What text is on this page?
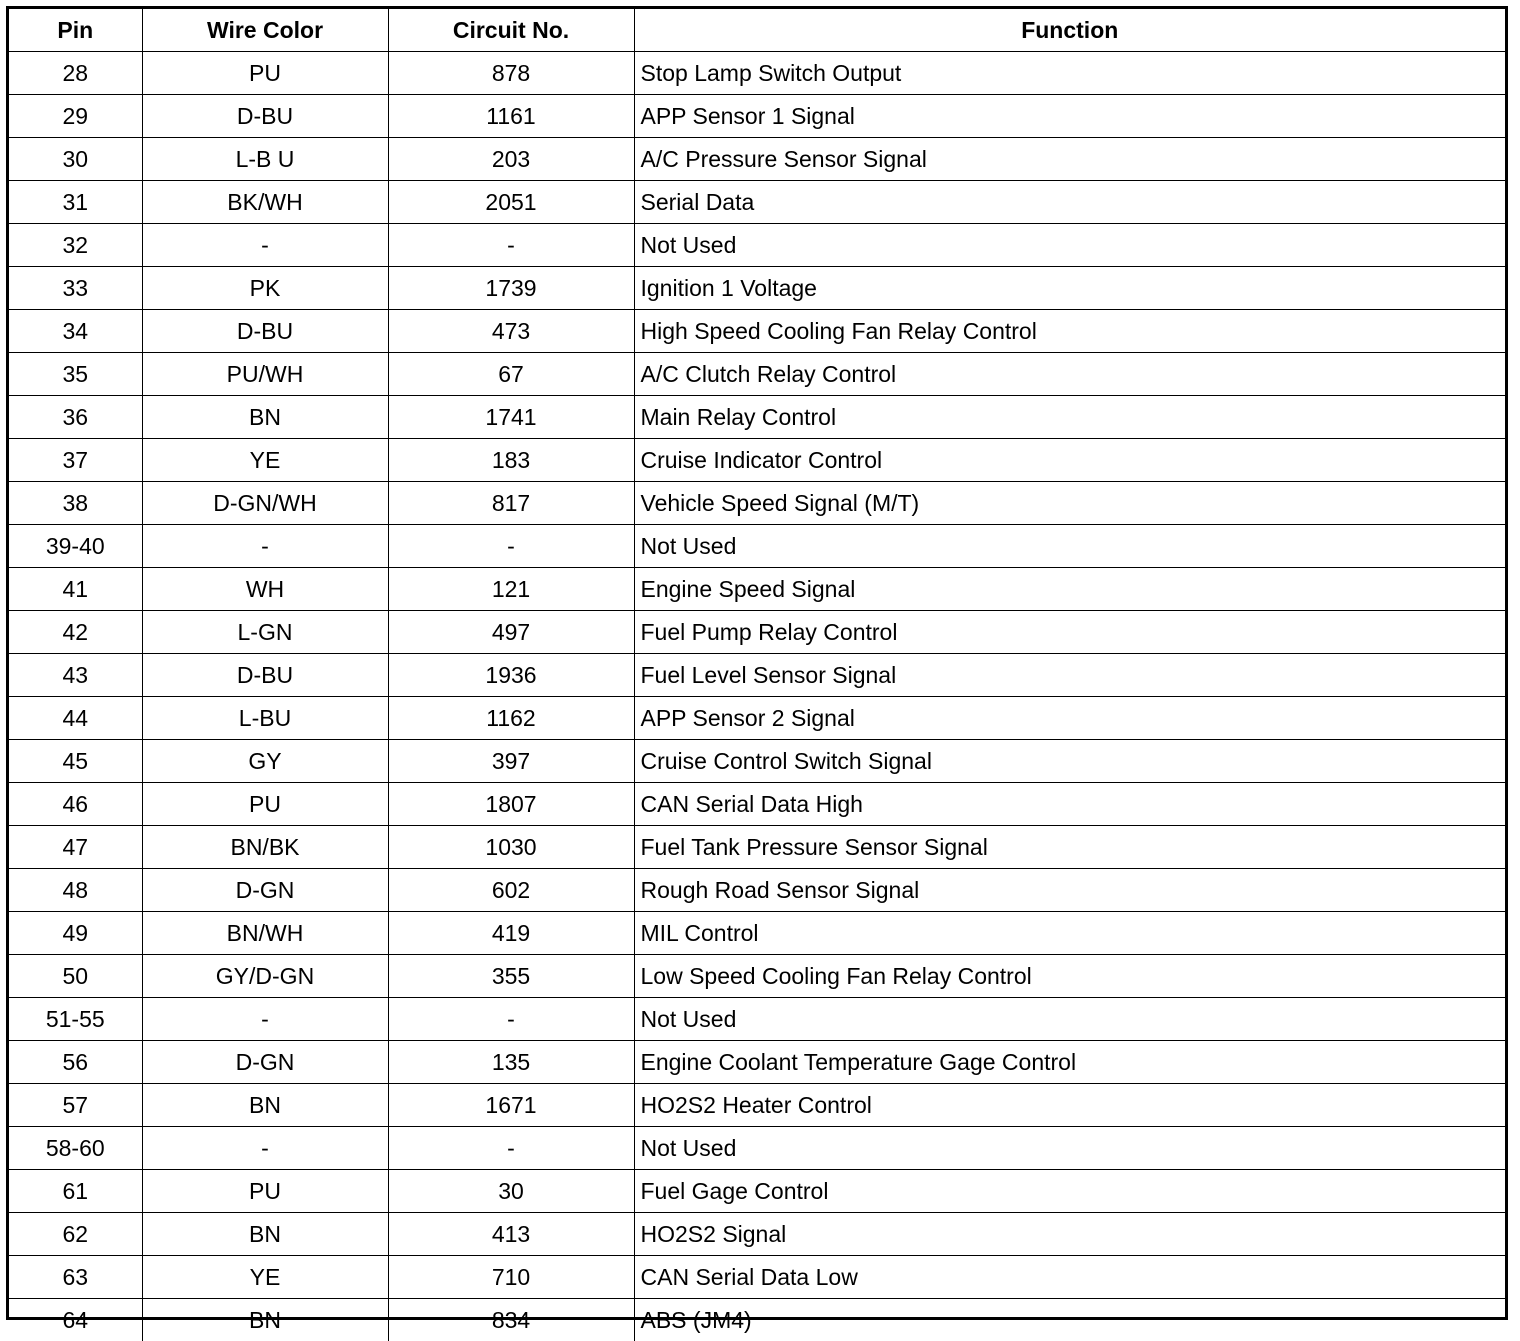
Pin	Wire Color	Circuit No.	Function
28	PU	878	Stop Lamp Switch Output
29	D-BU	1161	APP Sensor 1 Signal
30	L-B U	203	A/C Pressure Sensor Signal
31	BK/WH	2051	Serial Data
32	-	-	Not Used
33	PK	1739	Ignition 1 Voltage
34	D-BU	473	High Speed Cooling Fan Relay Control
35	PU/WH	67	A/C Clutch Relay Control
36	BN	1741	Main Relay Control
37	YE	183	Cruise Indicator Control
38	D-GN/WH	817	Vehicle Speed Signal (M/T)
39-40	-	-	Not Used
41	WH	121	Engine Speed Signal
42	L-GN	497	Fuel Pump Relay Control
43	D-BU	1936	Fuel Level Sensor Signal
44	L-BU	1162	APP Sensor 2 Signal
45	GY	397	Cruise Control Switch Signal
46	PU	1807	CAN Serial Data High
47	BN/BK	1030	Fuel Tank Pressure Sensor Signal
48	D-GN	602	Rough Road Sensor Signal
49	BN/WH	419	MIL Control
50	GY/D-GN	355	Low Speed Cooling Fan Relay Control
51-55	-	-	Not Used
56	D-GN	135	Engine Coolant Temperature Gage Control
57	BN	1671	HO2S2 Heater Control
58-60	-	-	Not Used
61	PU	30	Fuel Gage Control
62	BN	413	HO2S2 Signal
63	YE	710	CAN Serial Data Low
64	BN	834	ABS (JM4)
